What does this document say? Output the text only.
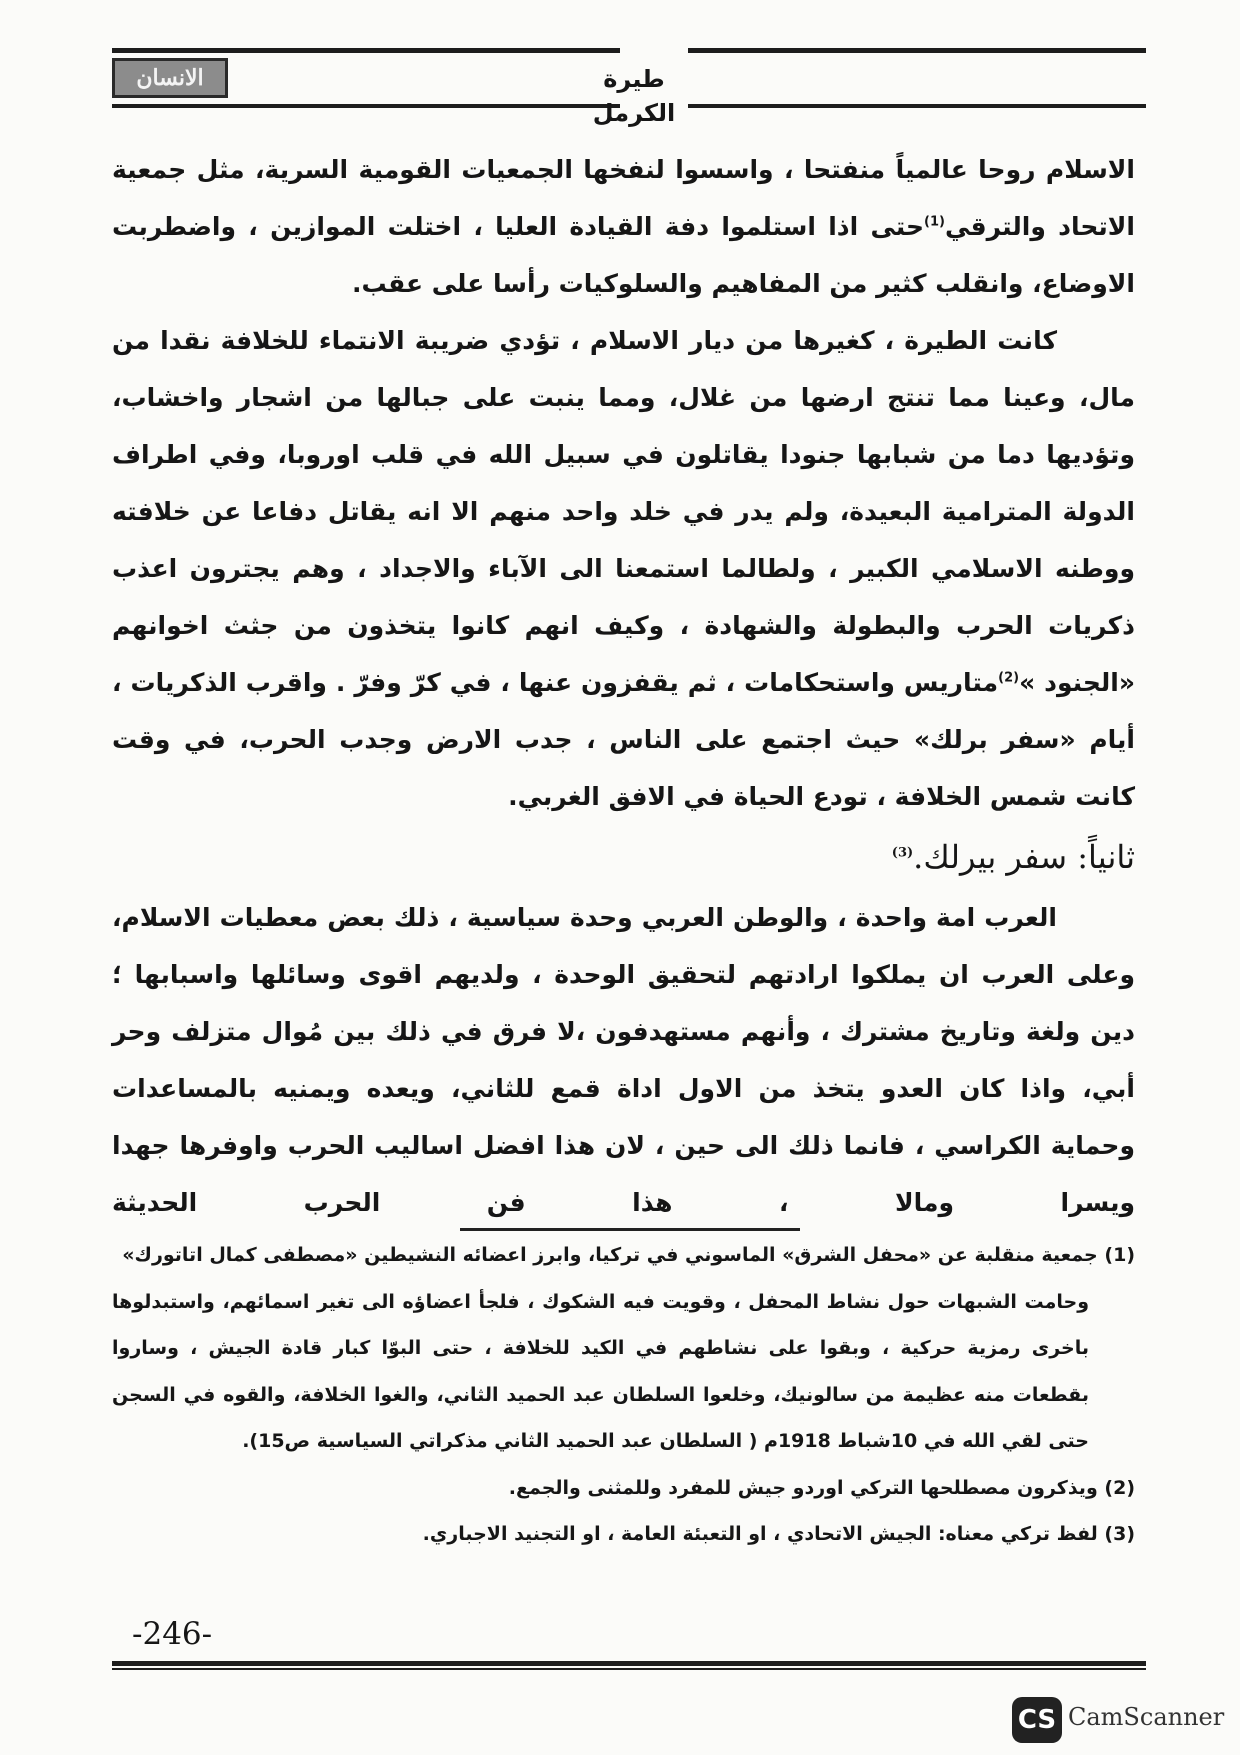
الانسان	طيرة الكرمل

الاسلام روحا عالمياً منفتحا ، واسسوا لنفخها الجمعيات القومية السرية، مثل جمعية الاتحاد والترقي$^{(1)}$حتى اذا استلموا دفة القيادة العليا ، اختلت الموازين ، واضطربت الاوضاع، وانقلب كثير من المفاهيم والسلوكيات رأسا على عقب.

كانت الطيرة ، كغيرها من ديار الاسلام ، تؤدي ضريبة الانتماء للخلافة نقدا من مال، وعينا مما تنتج ارضها من غلال، ومما ينبت على جبالها من اشجار واخشاب، وتؤديها دما من شبابها جنودا يقاتلون في سبيل الله في قلب اوروبا، وفي اطراف الدولة المترامية البعيدة، ولم يدر في خلد واحد منهم الا انه يقاتل دفاعا عن خلافته ووطنه الاسلامي الكبير ، ولطالما استمعنا الى الآباء والاجداد ، وهم يجترون اعذب ذكريات الحرب والبطولة والشهادة ، وكيف انهم كانوا يتخذون من جثث اخوانهم «الجنود »$^{(2)}$متاريس واستحكامات ، ثم يقفزون عنها ، في كرّ وفرّ . واقرب الذكريات ، أيام «سفر برلك» حيث اجتمع على الناس ، جدب الارض وجدب الحرب، في وقت كانت شمس الخلافة ، تودع الحياة في الافق الغربي.

ثانياً: سفر بيرلك.$^{(3)}$

العرب امة واحدة ، والوطن العربي وحدة سياسية ، ذلك بعض معطيات الاسلام، وعلى العرب ان يملكوا ارادتهم لتحقيق الوحدة ، ولديهم اقوى وسائلها واسبابها ؛ دين ولغة وتاريخ مشترك ، وأنهم مستهدفون ،لا فرق في ذلك بين مُوال متزلف وحر أبي، واذا كان العدو يتخذ من الاول اداة قمع للثاني، ويعده ويمنيه بالمساعدات وحماية الكراسي ، فانما ذلك الى حين ، لان هذا افضل اساليب الحرب واوفرها جهدا ويسرا ومالا ، هذا فن الحرب الحديثة

(1) جمعية منقلبة عن «محفل الشرق» الماسوني في تركيا، وابرز اعضائه النشيطين «مصطفى كمال اتاتورك»

وحامت الشبهات حول نشاط المحفل ، وقويت فيه الشكوك ، فلجأ اعضاؤه الى تغير اسمائهم، واستبدلوها باخرى رمزية حركية ، وبقوا على نشاطهم في الكيد للخلافة ، حتى البوّا كبار قادة الجيش ، وساروا بقطعات منه عظيمة من سالونيك، وخلعوا السلطان عبد الحميد الثاني، والغوا الخلافة، والقوه في السجن حتى لقي الله في 10شباط 1918م ( السلطان عبد الحميد الثاني مذكراتي السياسية ص15).

(2) ويذكرون مصطلحها التركي اوردو جيش للمفرد وللمثنى والجمع.

(3) لفظ تركي معناه: الجيش الاتحادي ، او التعبئة العامة ، او التجنيد الاجباري.

-246-
CS CamScanner
